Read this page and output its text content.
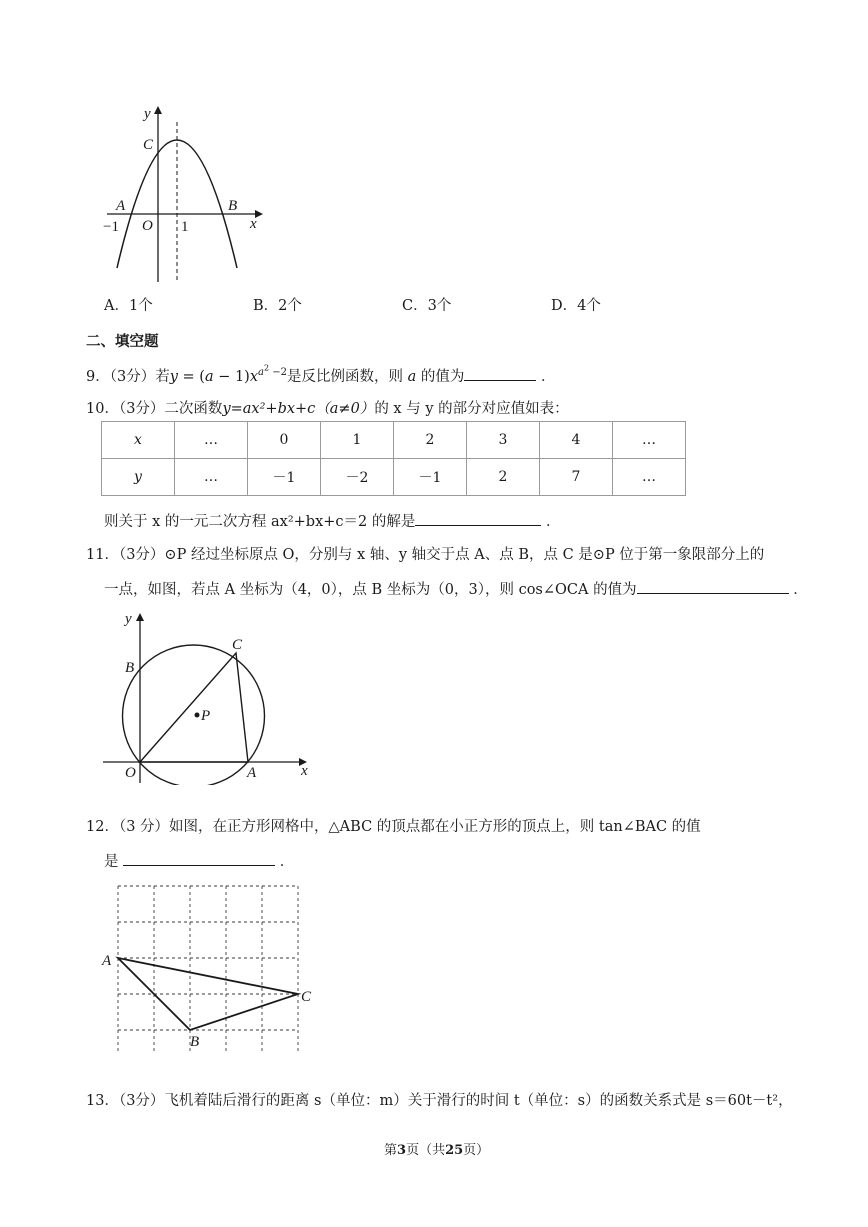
y
x
C
A	B
O
−1	1
A．1个	B．2个	C．3个	D．4个
二、填空题
9．（3分）若$y = (a - 1)x^{a^2 -2}$是反比例函数，则 a 的值为	．
10．（3分）二次函数y=ax²+bx+c（a≠0）的 x 与 y 的部分对应值如表：
x	…	0	1	2	3	4	…
y	…	－1	－2	－1	2	7	…
则关于 x 的一元二次方程 ax²+bx+c＝2 的解是	．
11．（3分）⊙P 经过坐标原点 O，分别与 x 轴、y 轴交于点 A、点 B，点 C 是⊙P 位于第一象限部分上的
一点，如图，若点 A 坐标为（4，0），点 B 坐标为（0，3），则 cos∠OCA 的值为	．
y
x
B
C
P
O	A
12．（3 分）如图，在正方形网格中，△ABC 的顶点都在小正方形的顶点上，则 tan∠BAC 的值
是	．
A
B
C
13．（3分）飞机着陆后滑行的距离 s（单位：m）关于滑行的时间 t（单位：s）的函数关系式是 s＝60t－t²，
第3页（共25页）
